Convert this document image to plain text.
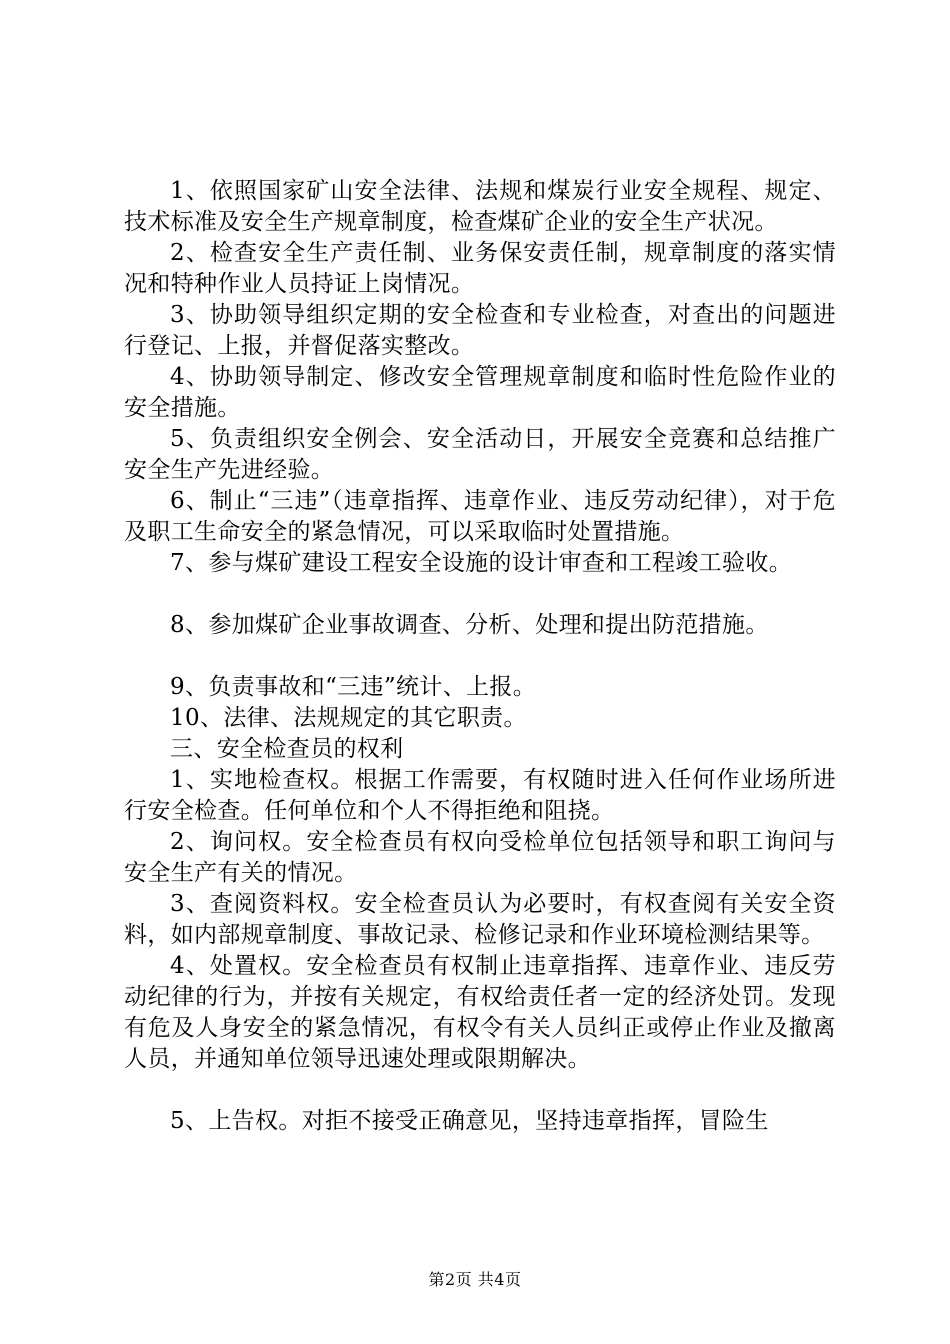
1、依照国家矿山安全法律、法规和煤炭行业安全规程、规定、技术标准及安全生产规章制度，检查煤矿企业的安全生产状况。

2、检查安全生产责任制、业务保安责任制，规章制度的落实情况和特种作业人员持证上岗情况。

3、协助领导组织定期的安全检查和专业检查，对查出的问题进行登记、上报，并督促落实整改。

4、协助领导制定、修改安全管理规章制度和临时性危险作业的安全措施。

5、负责组织安全例会、安全活动日，开展安全竞赛和总结推广安全生产先进经验。

6、制止“三违”（违章指挥、违章作业、违反劳动纪律），对于危及职工生命安全的紧急情况，可以采取临时处置措施。

7、参与煤矿建设工程安全设施的设计审查和工程竣工验收。

8、参加煤矿企业事故调查、分析、处理和提出防范措施。

9、负责事故和“三违”统计、上报。

10、法律、法规规定的其它职责。

三、安全检查员的权利

1、实地检查权。根据工作需要，有权随时进入任何作业场所进行安全检查。任何单位和个人不得拒绝和阻挠。

2、询问权。安全检查员有权向受检单位包括领导和职工询问与安全生产有关的情况。

3、查阅资料权。安全检查员认为必要时，有权查阅有关安全资料，如内部规章制度、事故记录、检修记录和作业环境检测结果等。

4、处置权。安全检查员有权制止违章指挥、违章作业、违反劳动纪律的行为，并按有关规定，有权给责任者一定的经济处罚。发现有危及人身安全的紧急情况，有权令有关人员纠正或停止作业及撤离人员，并通知单位领导迅速处理或限期解决。

5、上告权。对拒不接受正确意见，坚持违章指挥，冒险生

第2页 共4页
